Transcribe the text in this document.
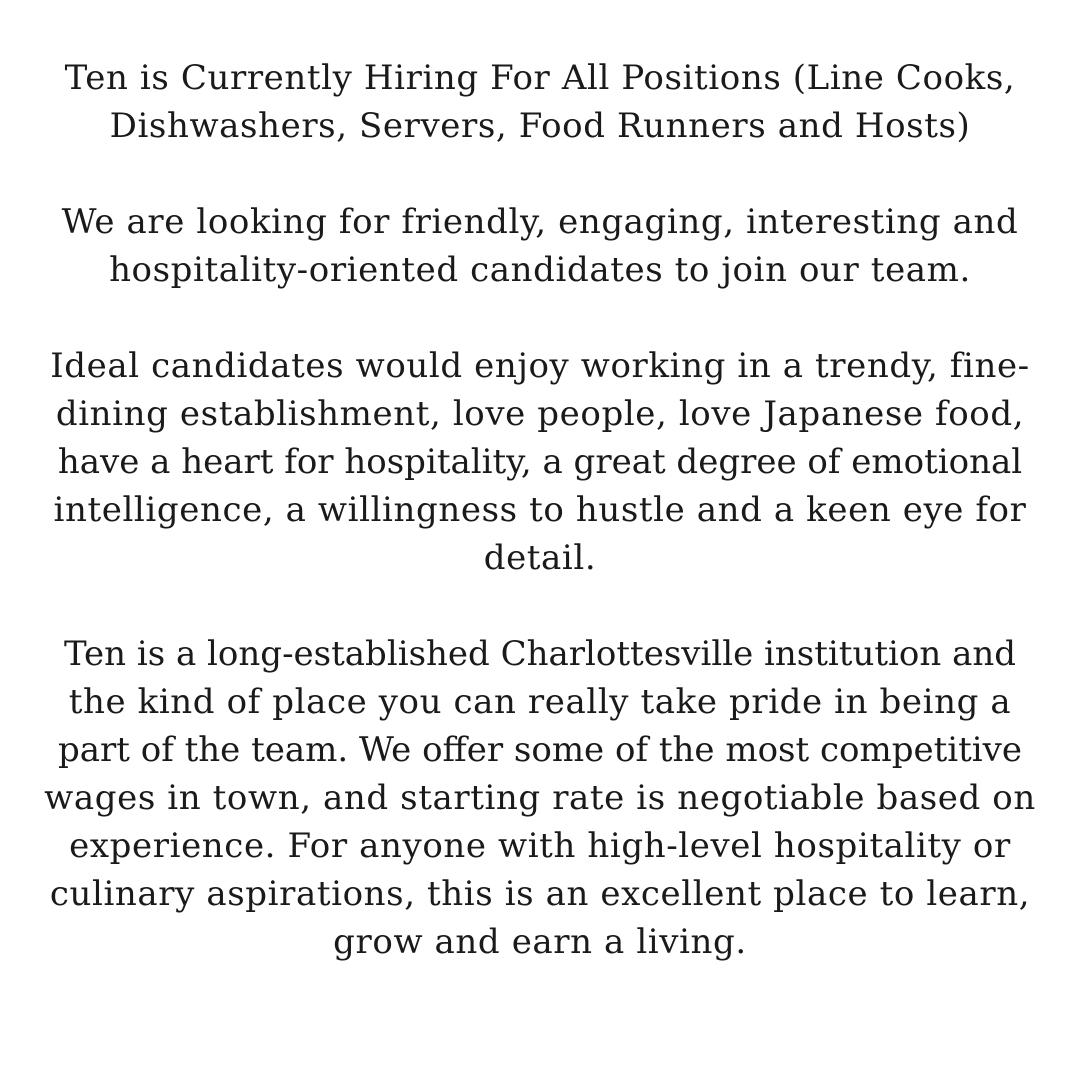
Ten is Currently Hiring For All Positions (Line Cooks,
Dishwashers, Servers, Food Runners and Hosts)

We are looking for friendly, engaging, interesting and
hospitality-oriented candidates to join our team.

Ideal candidates would enjoy working in a trendy, fine-
dining establishment, love people, love Japanese food,
have a heart for hospitality, a great degree of emotional
intelligence, a willingness to hustle and a keen eye for
detail.

Ten is a long-established Charlottesville institution and
the kind of place you can really take pride in being a
part of the team. We offer some of the most competitive
wages in town, and starting rate is negotiable based on
experience. For anyone with high-level hospitality or
culinary aspirations, this is an excellent place to learn,
grow and earn a living.
